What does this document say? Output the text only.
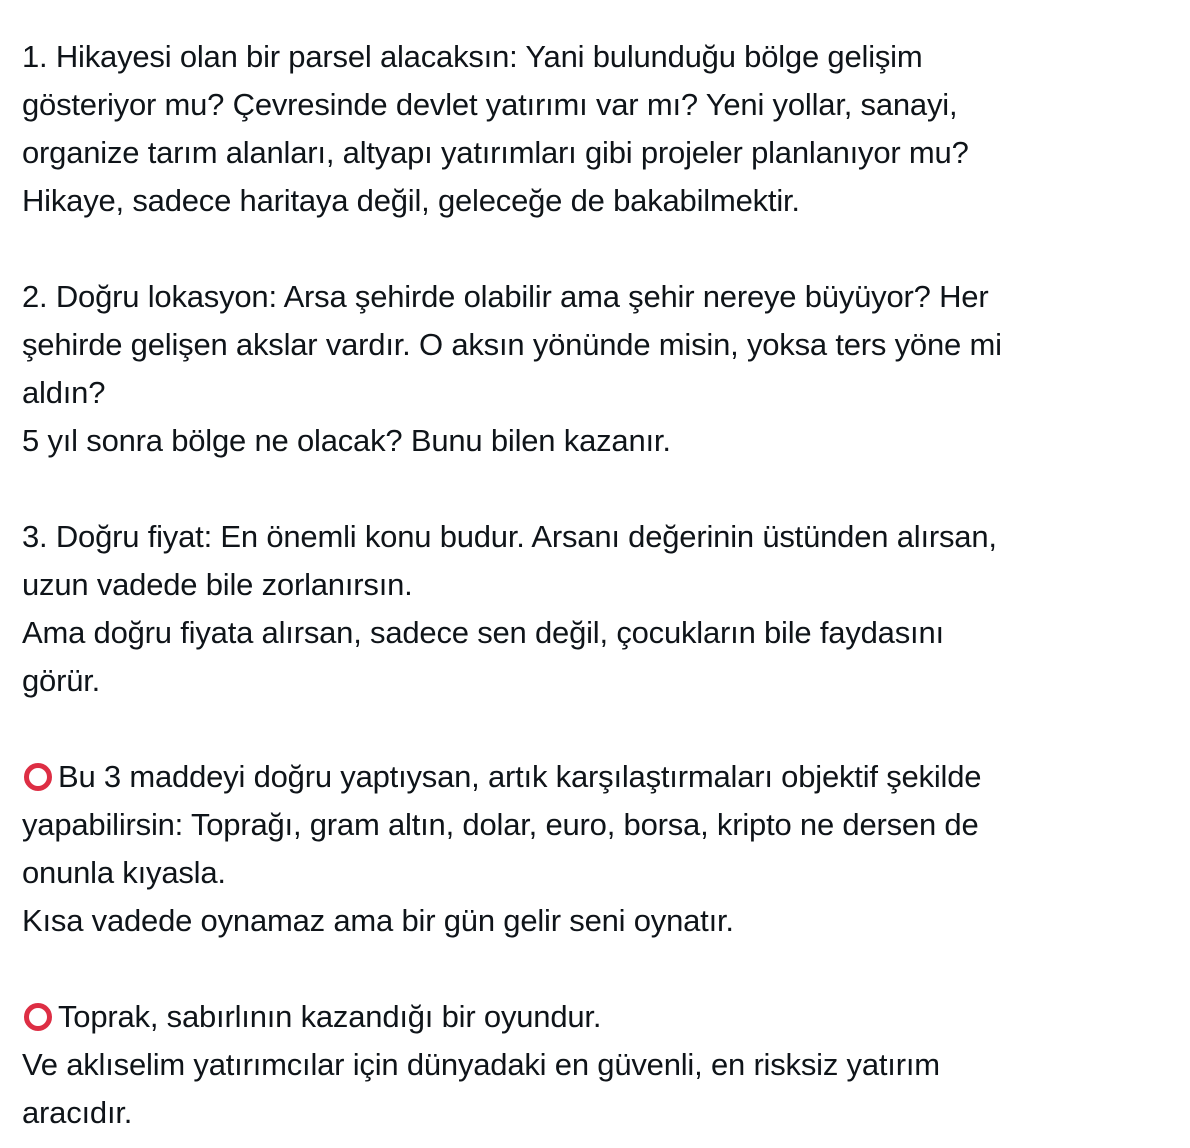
1. Hikayesi olan bir parsel alacaksın: Yani bulunduğu bölge gelişim
gösteriyor mu? Çevresinde devlet yatırımı var mı? Yeni yollar, sanayi,
organize tarım alanları, altyapı yatırımları gibi projeler planlanıyor mu?
Hikaye, sadece haritaya değil, geleceğe de bakabilmektir.
2. Doğru lokasyon: Arsa şehirde olabilir ama şehir nereye büyüyor? Her
şehirde gelişen akslar vardır. O aksın yönünde misin, yoksa ters yöne mi
aldın?
5 yıl sonra bölge ne olacak? Bunu bilen kazanır.
3. Doğru fiyat: En önemli konu budur. Arsanı değerinin üstünden alırsan,
uzun vadede bile zorlanırsın.
Ama doğru fiyata alırsan, sadece sen değil, çocukların bile faydasını
görür.
Bu 3 maddeyi doğru yaptıysan, artık karşılaştırmaları objektif şekilde
yapabilirsin: Toprağı, gram altın, dolar, euro, borsa, kripto ne dersen de
onunla kıyasla.
Kısa vadede oynamaz ama bir gün gelir seni oynatır.
Toprak, sabırlının kazandığı bir oyundur.
Ve aklıselim yatırımcılar için dünyadaki en güvenli, en risksiz yatırım
aracıdır.
